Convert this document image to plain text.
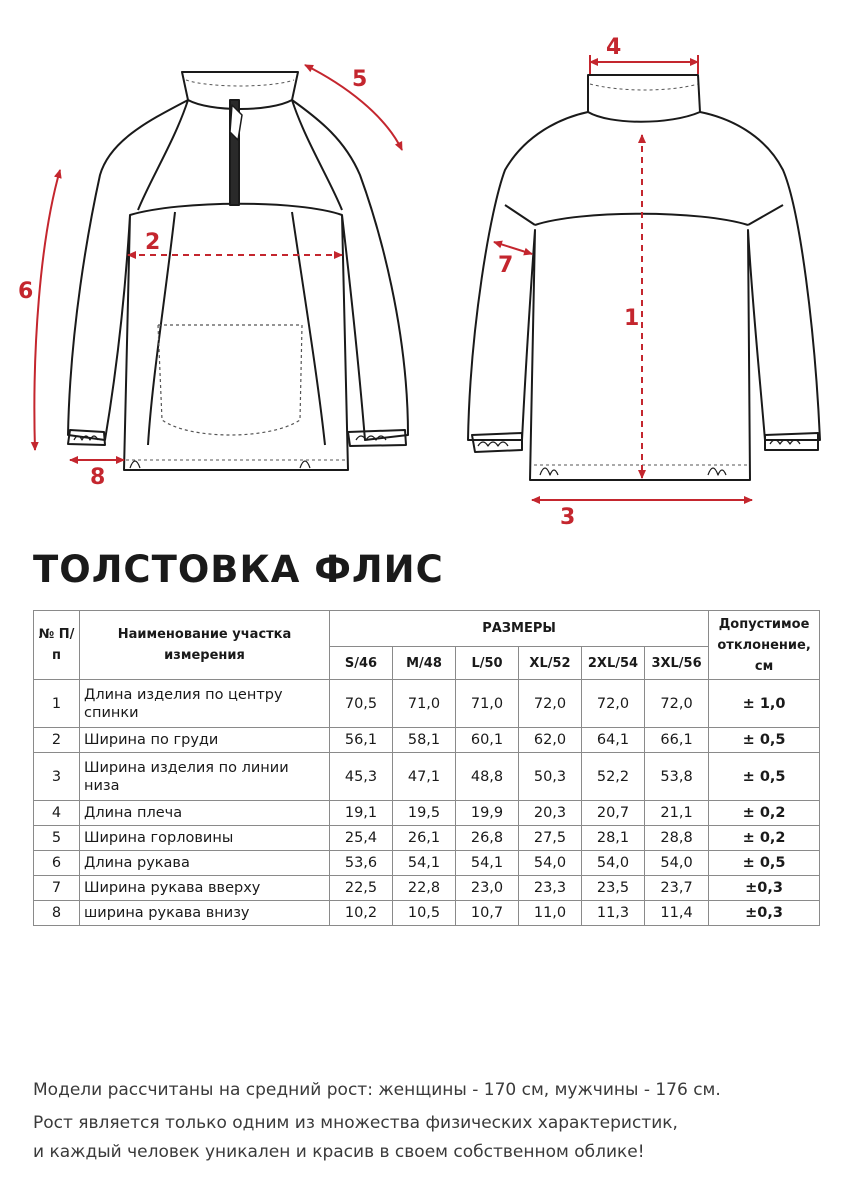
1
2
3
4
5
6
7
8
ТОЛСТОВКА ФЛИС
№ П/п	Наименование участка измерения	РАЗМЕРЫ						Допустимое отклонение, см
		S/46	M/48	L/50	XL/52	2XL/54	3XL/56	
1	Длина изделия по центру спинки	70,5	71,0	71,0	72,0	72,0	72,0	± 1,0
2	Ширина по груди	56,1	58,1	60,1	62,0	64,1	66,1	± 0,5
3	Ширина изделия по линии низа	45,3	47,1	48,8	50,3	52,2	53,8	± 0,5
4	Длина плеча	19,1	19,5	19,9	20,3	20,7	21,1	± 0,2
5	Ширина горловины	25,4	26,1	26,8	27,5	28,1	28,8	± 0,2
6	Длина рукава	53,6	54,1	54,1	54,0	54,0	54,0	± 0,5
7	Ширина рукава вверху	22,5	22,8	23,0	23,3	23,5	23,7	±0,3
8	ширина рукава внизу	10,2	10,5	10,7	11,0	11,3	11,4	±0,3

Модели рассчитаны на средний рост: женщины - 170 см, мужчины - 176 см.

Рост является только одним из множества физических характеристик,

и каждый человек уникален и красив в своем собственном облике!
